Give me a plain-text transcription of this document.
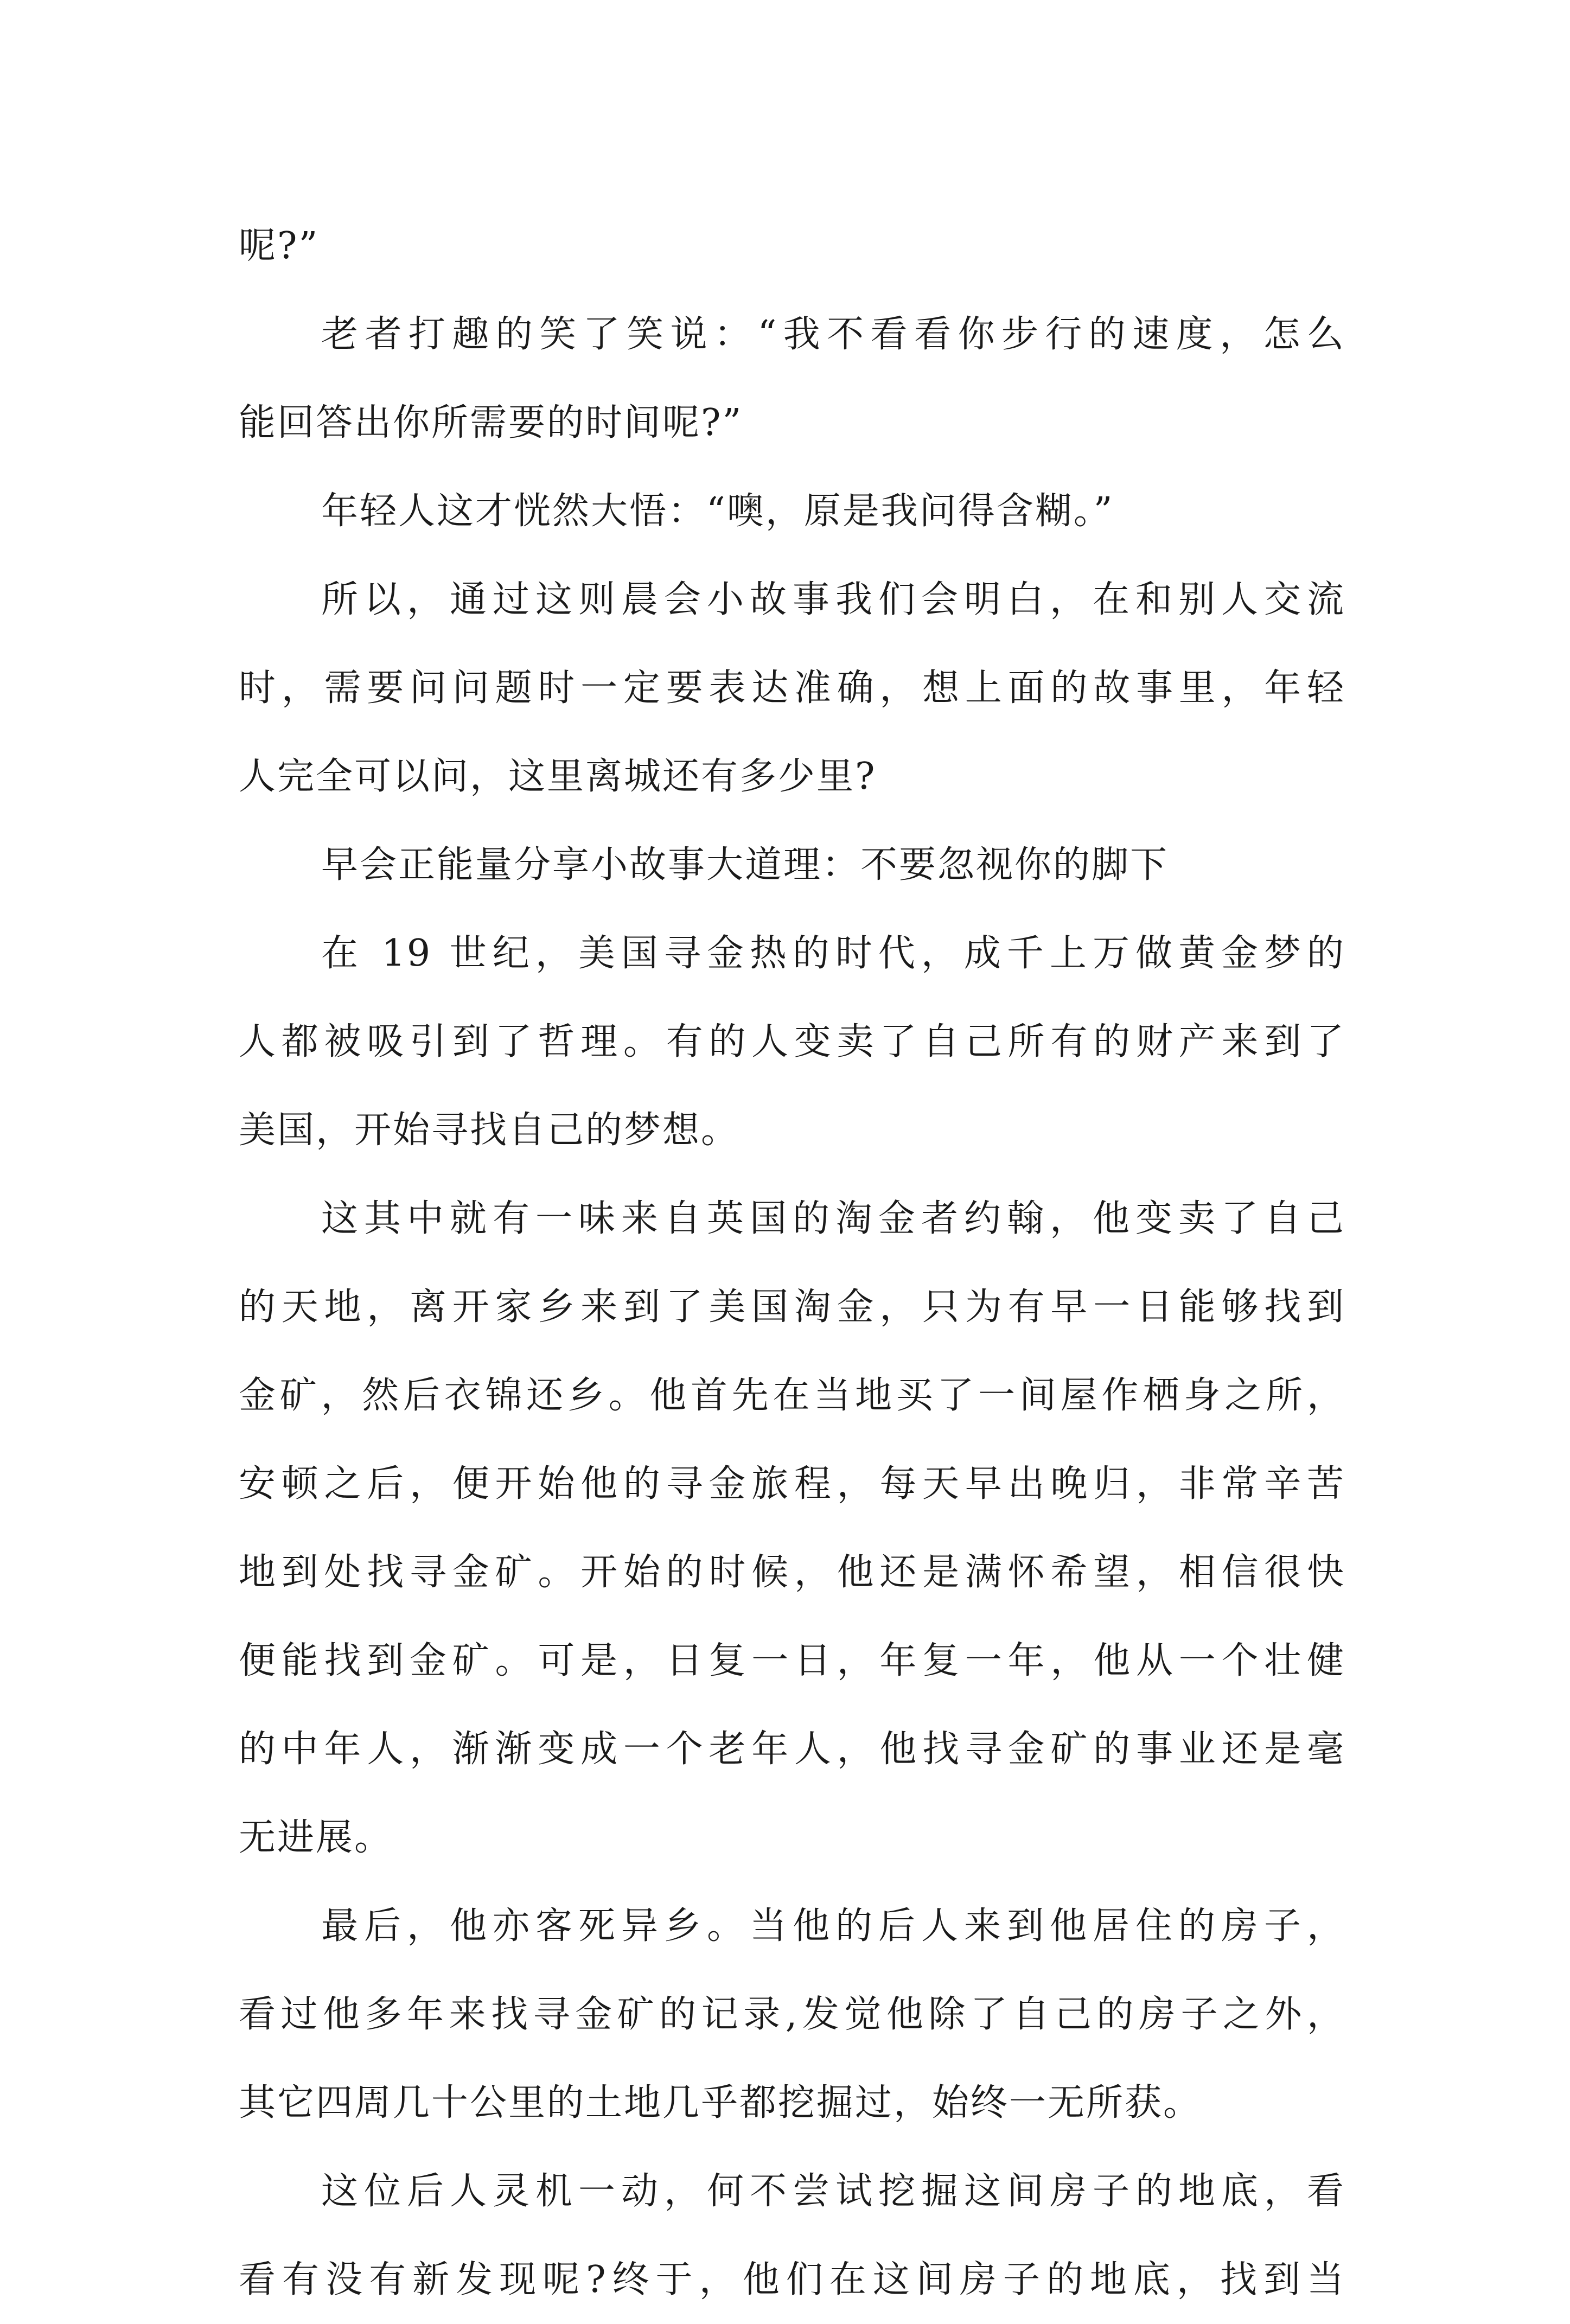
呢?”
老者打趣的笑了笑说：“我不看看你步行的速度，怎么
能回答出你所需要的时间呢?”
年轻人这才恍然大悟：“噢，原是我问得含糊。”
所以，通过这则晨会小故事我们会明白，在和别人交流
时，需要问问题时一定要表达准确，想上面的故事里，年轻
人完全可以问，这里离城还有多少里?
早会正能量分享小故事大道理：不要忽视你的脚下
在 19 世纪，美国寻金热的时代，成千上万做黄金梦的
人都被吸引到了哲理。有的人变卖了自己所有的财产来到了
美国，开始寻找自己的梦想。
这其中就有一味来自英国的淘金者约翰，他变卖了自己
的天地，离开家乡来到了美国淘金，只为有早一日能够找到
金矿，然后衣锦还乡。他首先在当地买了一间屋作栖身之所，
安顿之后，便开始他的寻金旅程，每天早出晚归，非常辛苦
地到处找寻金矿。开始的时候，他还是满怀希望，相信很快
便能找到金矿。可是，日复一日，年复一年，他从一个壮健
的中年人，渐渐变成一个老年人，他找寻金矿的事业还是毫
无进展。
最后，他亦客死异乡。当他的后人来到他居住的房子，
看过他多年来找寻金矿的记录,发觉他除了自己的房子之外，
其它四周几十公里的土地几乎都挖掘过，始终一无所获。
这位后人灵机一动，何不尝试挖掘这间房子的地底，看
看有没有新发现呢?终于，他们在这间房子的地底，找到当
